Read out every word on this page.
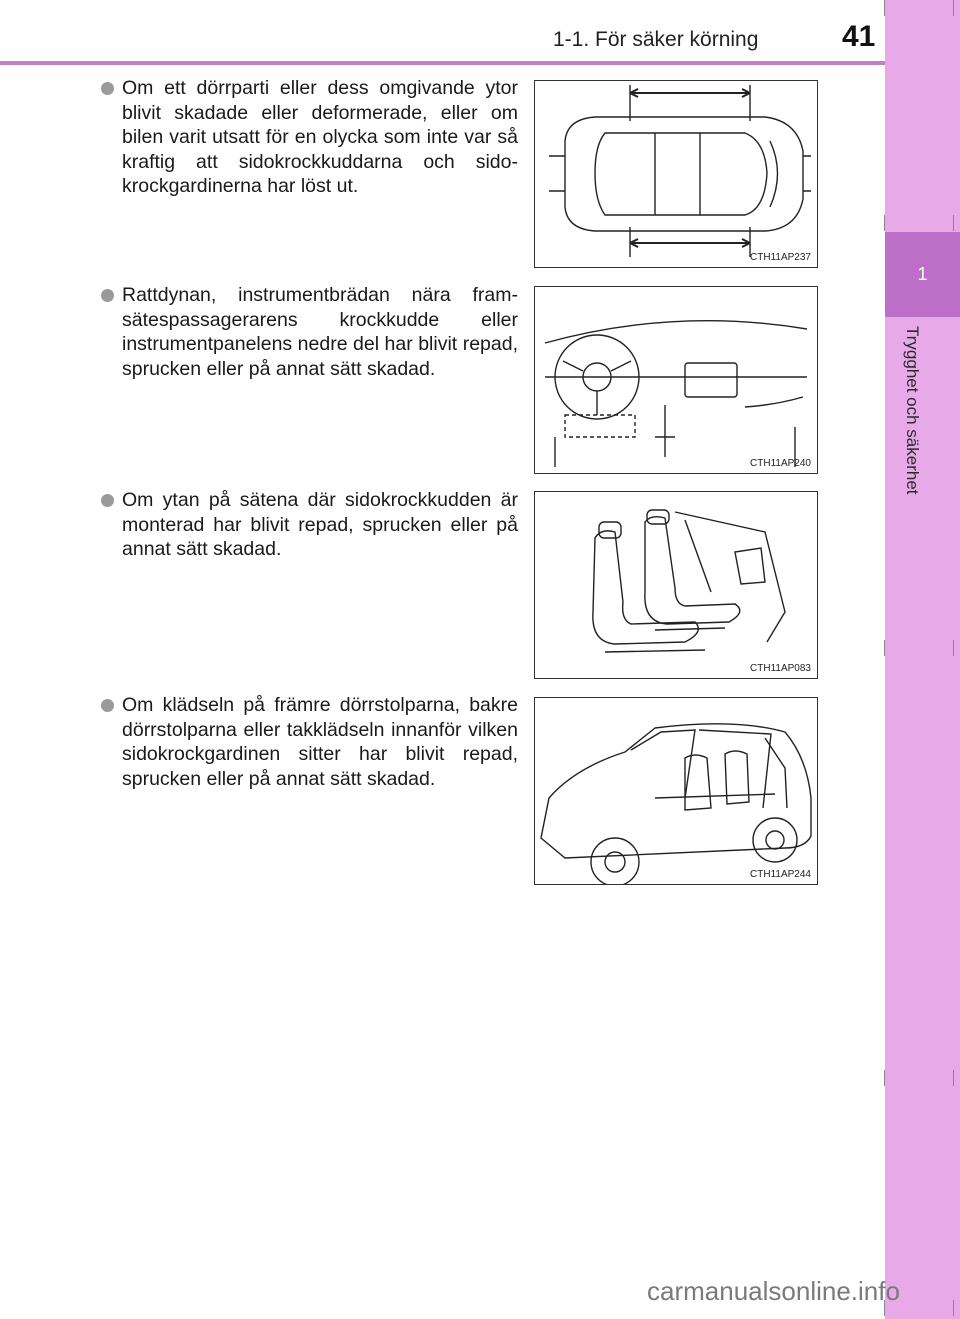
1-1. För säker körning	41
1
Trygghet och säkerhet
Om ett dörrparti eller dess omgivande ytor blivit skadade eller deformerade, eller om bilen varit utsatt för en olycka som inte var så kraftig att sidokrockkuddarna och sido-krockgardinerna har löst ut.
CTH11AP237
Rattdynan, instrumentbrädan nära fram-sätespassagerarens krockkudde eller instrumentpanelens nedre del har blivit repad, sprucken eller på annat sätt skadad.
CTH11AP240
Om ytan på sätena där sidokrockkudden är monterad har blivit repad, sprucken eller på annat sätt skadad.
CTH11AP083
Om klädseln på främre dörrstolparna, bakre dörrstolparna eller takklädseln innanför vilken sidokrockgardinen sitter har blivit repad, sprucken eller på annat sätt skadad.
CTH11AP244
carmanualsonline.info
